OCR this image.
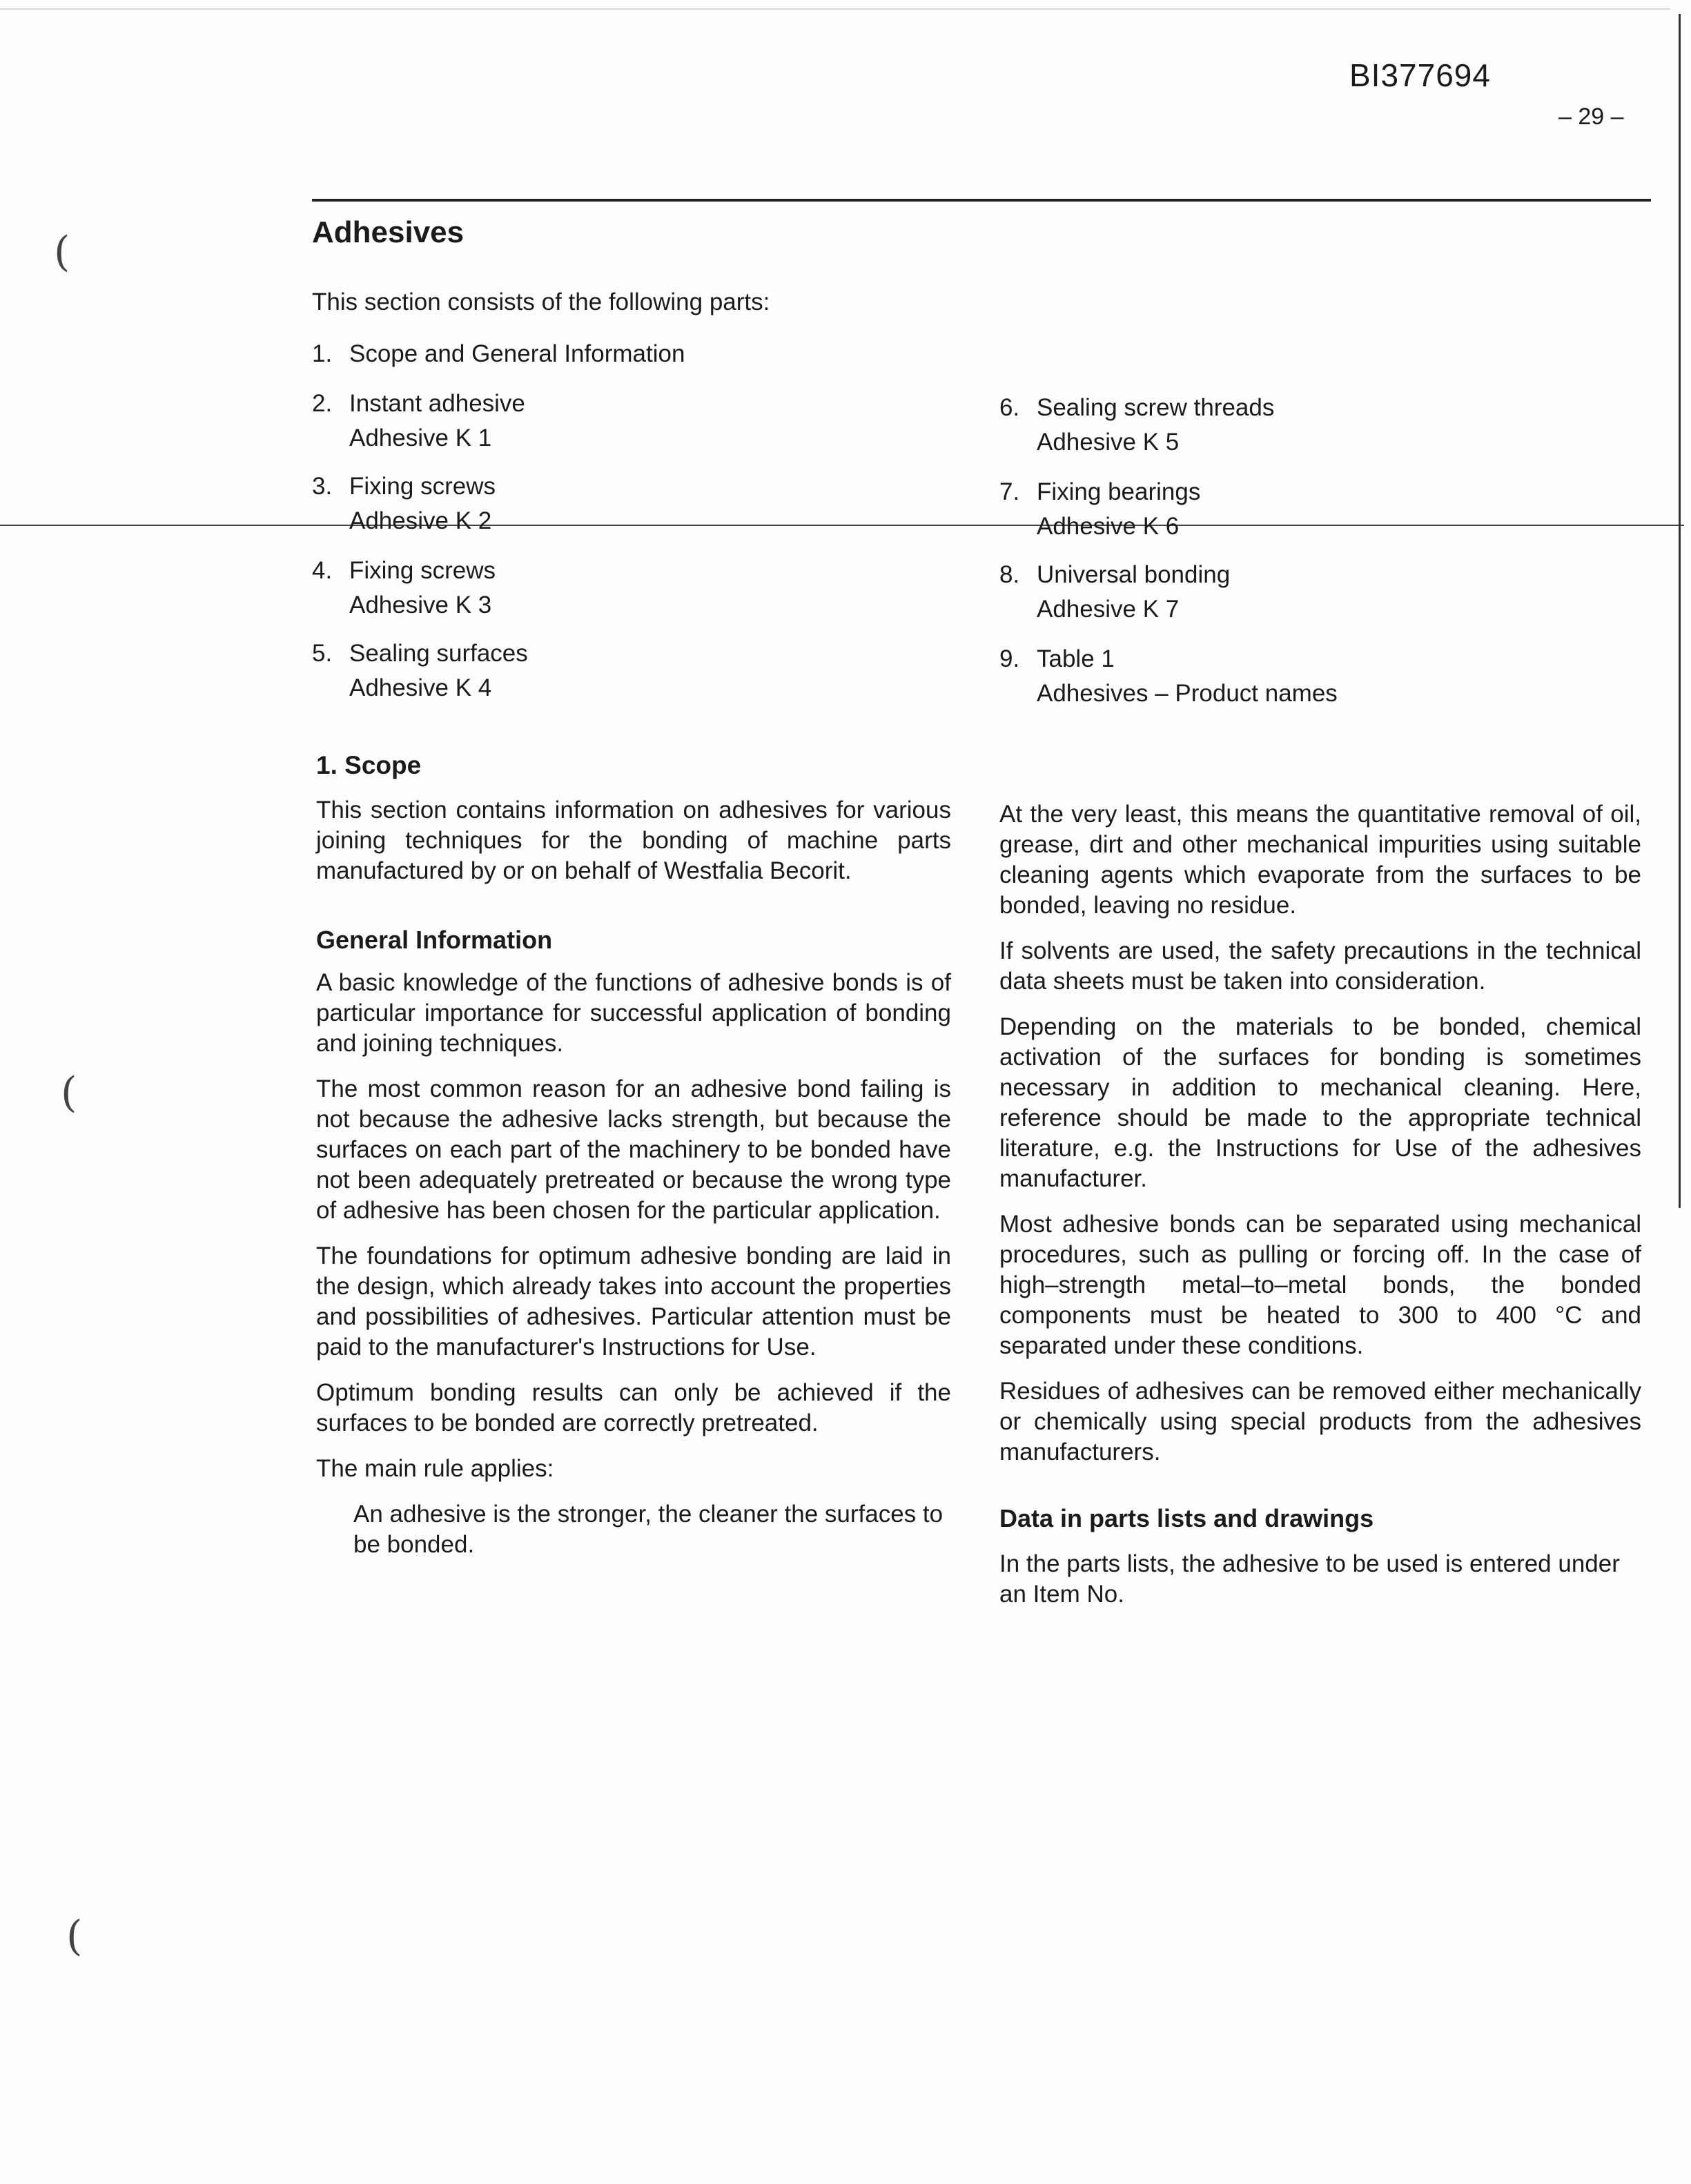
(
(
(
BI377694
– 29 –
Adhesives
This section consists of the following parts:
1. Scope and General Information
2. Instant adhesive
Adhesive K 1
3. Fixing screws
Adhesive K 2
4. Fixing screws
Adhesive K 3
5. Sealing surfaces
Adhesive K 4
6. Sealing screw threads
Adhesive K 5
7. Fixing bearings
Adhesive K 6
8. Universal bonding
Adhesive K 7
9. Table 1
Adhesives – Product names
1. Scope

This section contains information on adhesives for various joining techniques for the bonding of machine parts manufactured by or on behalf of Westfalia Becorit.

General Information

A basic knowledge of the functions of adhesive bonds is of particular importance for successful application of bonding and joining techniques.

The most common reason for an adhesive bond failing is not because the adhesive lacks strength, but because the surfaces on each part of the machinery to be bonded have not been adequately pretreated or because the wrong type of adhesive has been chosen for the particular application.

The foundations for optimum adhesive bonding are laid in the design, which already takes into account the properties and possibilities of adhesives. Particular attention must be paid to the manufacturer's Instructions for Use.

Optimum bonding results can only be achieved if the surfaces to be bonded are correctly pretreated.

The main rule applies:

An adhesive is the stronger, the cleaner the surfaces to be bonded.

At the very least, this means the quantitative removal of oil, grease, dirt and other mechanical impurities using suitable cleaning agents which evaporate from the surfaces to be bonded, leaving no residue.

If solvents are used, the safety precautions in the technical data sheets must be taken into consideration.

Depending on the materials to be bonded, chemical activation of the surfaces for bonding is sometimes necessary in addition to mechanical cleaning. Here, reference should be made to the appropriate technical literature, e.g. the Instructions for Use of the adhesives manufacturer.

Most adhesive bonds can be separated using mechanical procedures, such as pulling or forcing off. In the case of high–strength metal–to–metal bonds, the bonded components must be heated to 300 to 400 °C and separated under these conditions.

Residues of adhesives can be removed either mechanically or chemically using special products from the adhesives manufacturers.

Data in parts lists and drawings

In the parts lists, the adhesive to be used is entered under an Item No.
